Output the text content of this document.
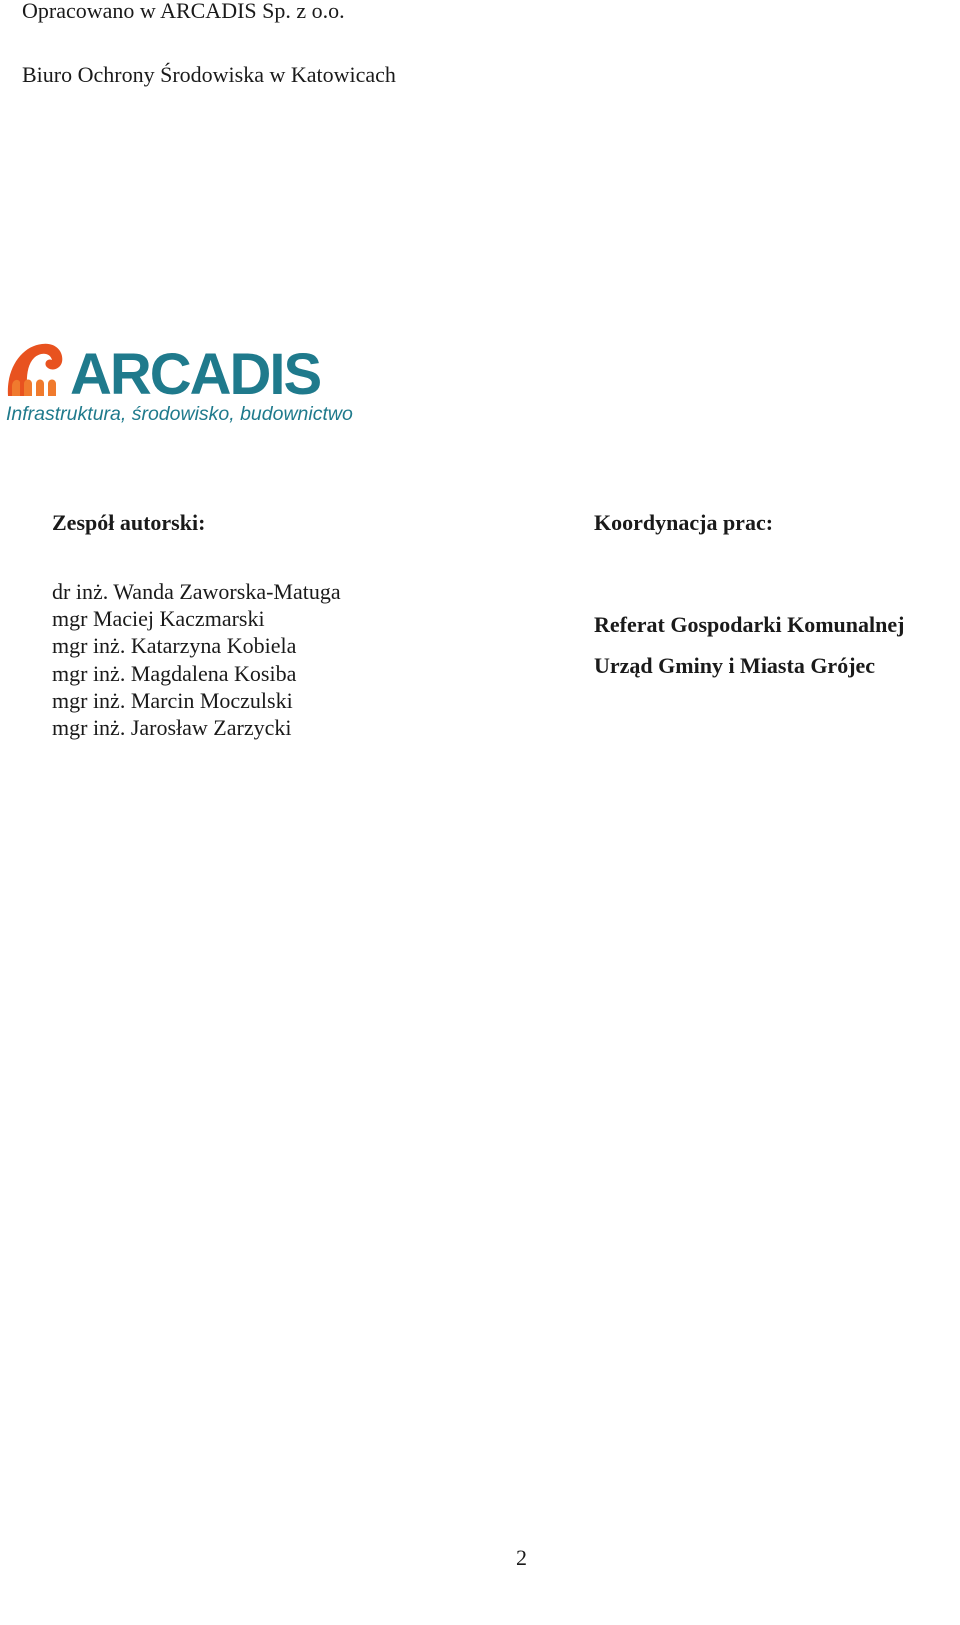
Opracowano w ARCADIS Sp. z o.o.
Biuro Ochrony Środowiska w Katowicach
ARCADIS
Infrastruktura, środowisko, budownictwo
Zespół autorski:	Koordynacja prac:
dr inż. Wanda Zaworska-Matuga
mgr Maciej Kaczmarski
mgr inż. Katarzyna Kobiela
mgr inż. Magdalena Kosiba
mgr inż. Marcin Moczulski
mgr inż. Jarosław Zarzycki
Referat Gospodarki Komunalnej
Urząd Gminy i Miasta Grójec
2
